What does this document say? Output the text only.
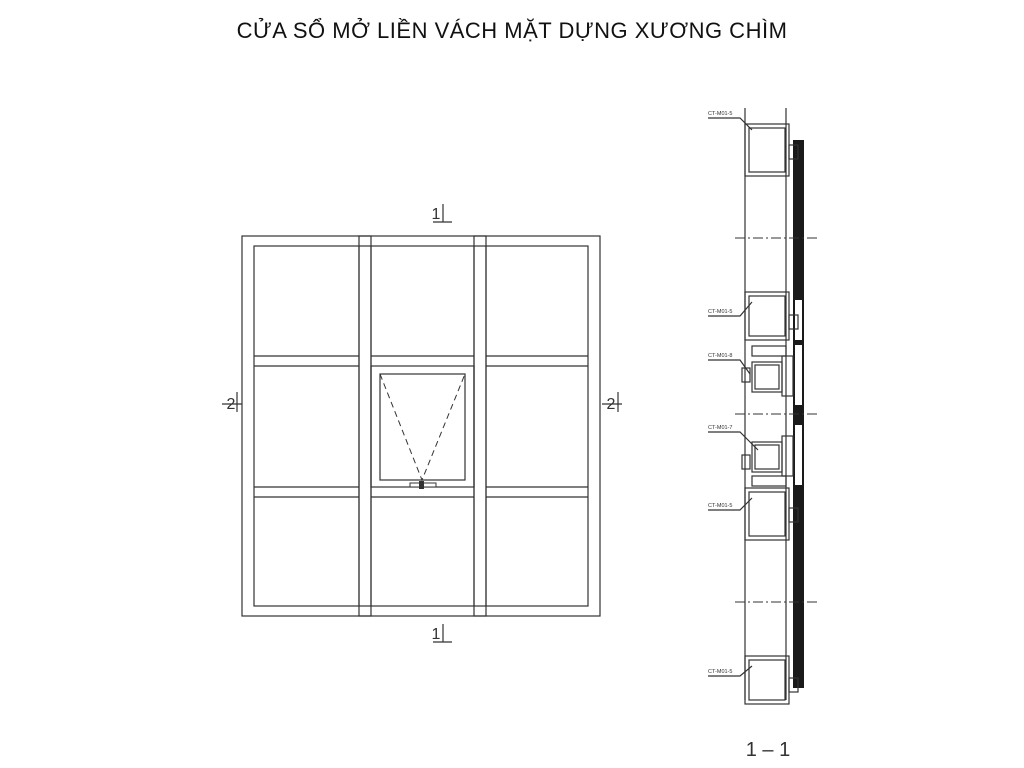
CỬA SỔ MỞ LIỀN VÁCH MẶT DỰNG XƯƠNG CHÌM
1
1
2	2
CT-M01-5
CT-M01-5
CT-M01-8
CT-M01-7
CT-M01-5
CT-M01-5
1 – 1
